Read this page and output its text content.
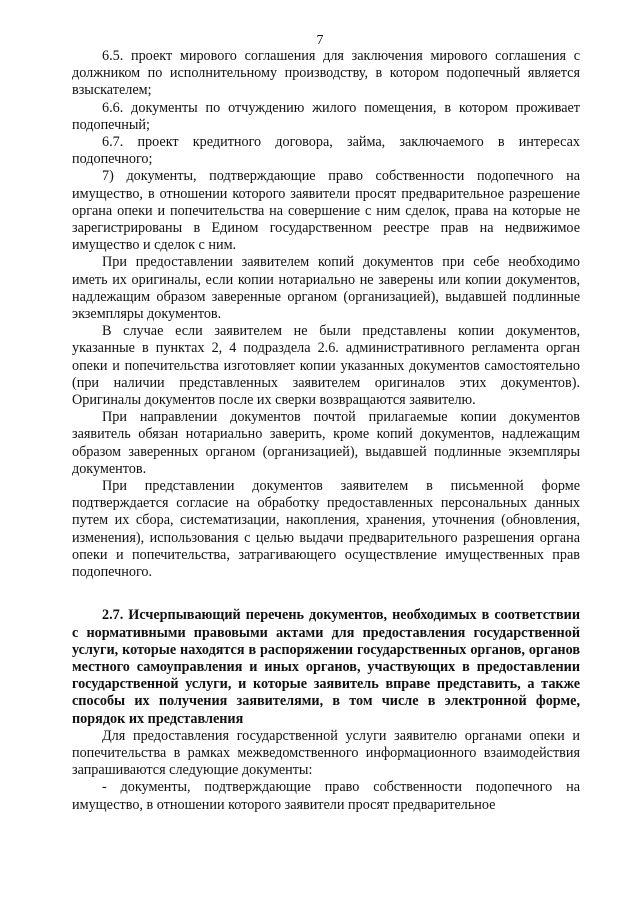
7

6.5. проект мирового соглашения для заключения мирового соглашения с должником по исполнительному производству, в котором подопечный является взыскателем;

6.6. документы по отчуждению жилого помещения, в котором проживает подопечный;

6.7. проект кредитного договора, займа, заключаемого в интересах подопечного;

7) документы, подтверждающие право собственности подопечного на имущество, в отношении которого заявители просят предварительное разрешение органа опеки и попечительства на совершение с ним сделок, права на которые не зарегистрированы в Едином государственном реестре прав на недвижимое имущество и сделок с ним.

При предоставлении заявителем копий документов при себе необходимо иметь их оригиналы, если копии нотариально не заверены или копии документов, надлежащим образом заверенные органом (организацией), выдавшей подлинные экземпляры документов.

В случае если заявителем не были представлены копии документов, указанные в пунктах 2, 4 подраздела 2.6. административного регламента орган опеки и попечительства изготовляет копии указанных документов самостоятельно (при наличии представленных заявителем оригиналов этих документов). Оригиналы документов после их сверки возвращаются заявителю.

При направлении документов почтой прилагаемые копии документов заявитель обязан нотариально заверить, кроме копий документов, надлежащим образом заверенных органом (организацией), выдавшей подлинные экземпляры документов.

При представлении документов заявителем в письменной форме подтверждается согласие на обработку предоставленных персональных данных путем их сбора, систематизации, накопления, хранения, уточнения (обновления, изменения), использования с целью выдачи предварительного разрешения органа опеки и попечительства, затрагивающего осуществление имущественных прав подопечного.

2.7. Исчерпывающий перечень документов, необходимых в соответствии с нормативными правовыми актами для предоставления государственной услуги, которые находятся в распоряжении государственных органов, органов местного самоуправления и иных органов, участвующих в предоставлении государственной услуги, и которые заявитель вправе представить, а также способы их получения заявителями, в том числе в электронной форме, порядок их представления

Для предоставления государственной услуги заявителю органами опеки и попечительства в рамках межведомственного информационного взаимодействия запрашиваются следующие документы:

- документы, подтверждающие право собственности подопечного на имущество, в отношении которого заявители просят предварительное
